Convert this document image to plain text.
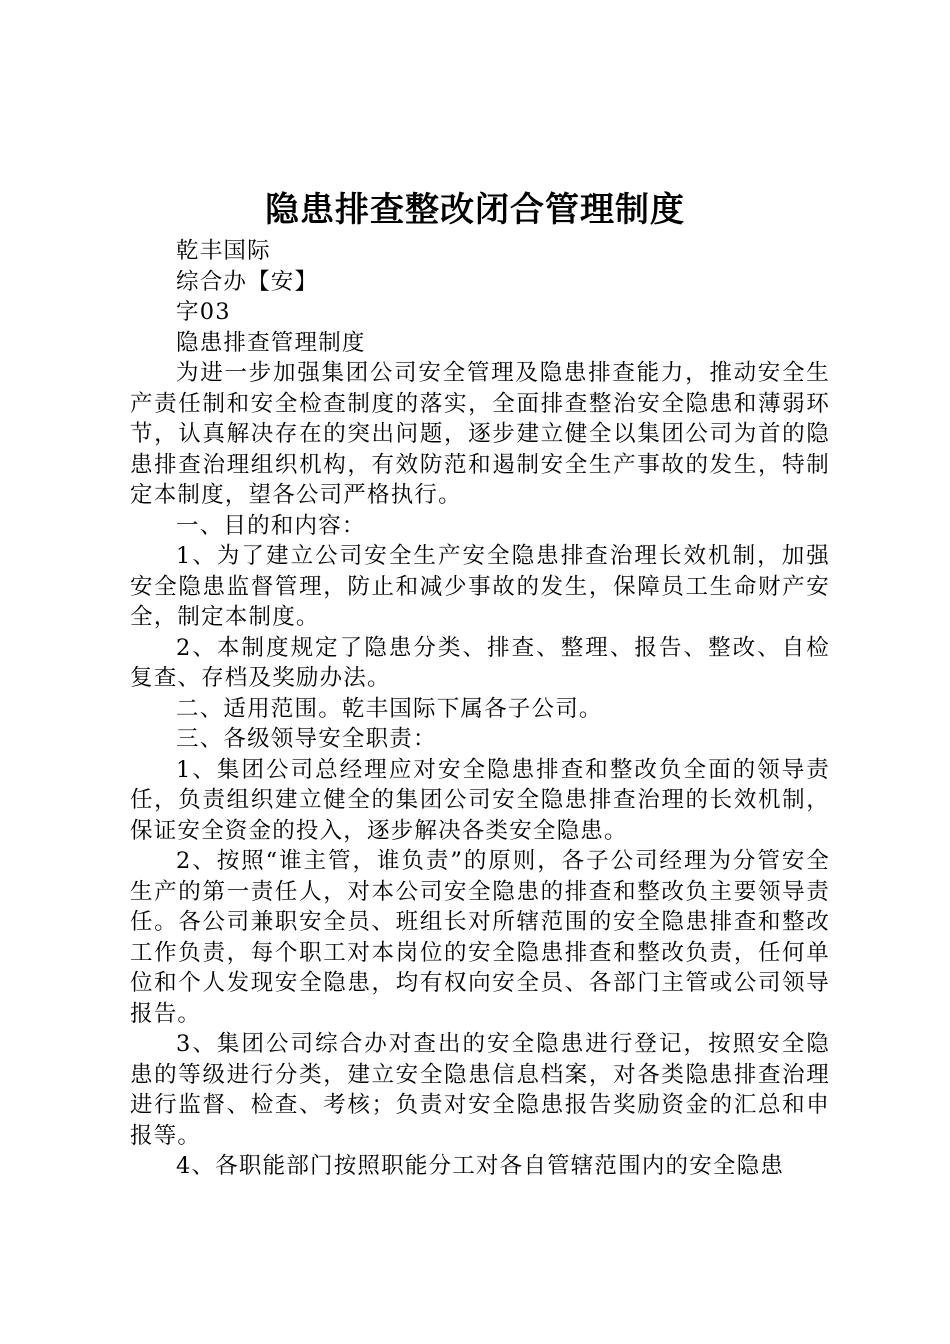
隐患排查整改闭合管理制度

乾丰国际

综合办【安】

字03

隐患排查管理制度

为进一步加强集团公司安全管理及隐患排查能力，推动安全生产责任制和安全检查制度的落实，全面排查整治安全隐患和薄弱环节，认真解决存在的突出问题，逐步建立健全以集团公司为首的隐患排查治理组织机构，有效防范和遏制安全生产事故的发生，特制定本制度，望各公司严格执行。

一、目的和内容：

1、为了建立公司安全生产安全隐患排查治理长效机制，加强安全隐患监督管理，防止和减少事故的发生，保障员工生命财产安全，制定本制度。

2、本制度规定了隐患分类、排查、整理、报告、整改、自检复查、存档及奖励办法。

二、适用范围。乾丰国际下属各子公司。

三、各级领导安全职责：

1、集团公司总经理应对安全隐患排查和整改负全面的领导责任，负责组织建立健全的集团公司安全隐患排查治理的长效机制，保证安全资金的投入，逐步解决各类安全隐患。

2、按照“谁主管，谁负责”的原则，各子公司经理为分管安全生产的第一责任人，对本公司安全隐患的排查和整改负主要领导责任。各公司兼职安全员、班组长对所辖范围的安全隐患排查和整改工作负责，每个职工对本岗位的安全隐患排查和整改负责，任何单位和个人发现安全隐患，均有权向安全员、各部门主管或公司领导报告。

3、集团公司综合办对查出的安全隐患进行登记，按照安全隐患的等级进行分类，建立安全隐患信息档案，对各类隐患排查治理进行监督、检查、考核；负责对安全隐患报告奖励资金的汇总和申报等。

4、各职能部门按照职能分工对各自管辖范围内的安全隐患
